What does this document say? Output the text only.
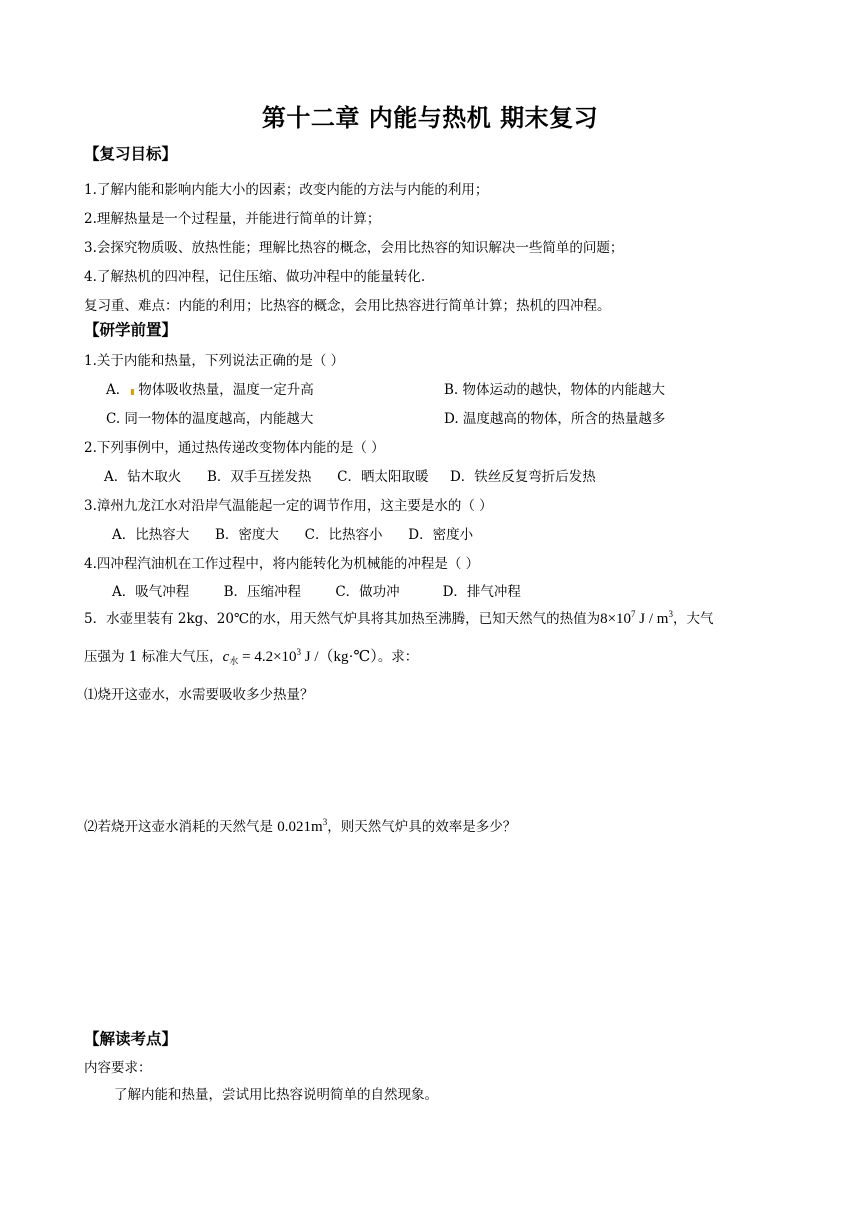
第十二章 内能与热机 期末复习
【复习目标】
1.了解内能和影响内能大小的因素；改变内能的方法与内能的利用；
2.理解热量是一个过程量，并能进行简单的计算；
3.会探究物质吸、放热性能；理解比热容的概念，会用比热容的知识解决一些简单的问题；
4.了解热机的四冲程，记住压缩、做功冲程中的能量转化.
复习重、难点：内能的利用；比热容的概念，会用比热容进行简单计算；热机的四冲程。
【研学前置】
1.关于内能和热量，下列说法正确的是（ ）
A． 物体吸收热量，温度一定升高	B. 物体运动的越快，物体的内能越大
C. 同一物体的温度越高，内能越大	D. 温度越高的物体，所含的热量越多
2.下列事例中，通过热传递改变物体内能的是（ ）
A．钻木取火      B．双手互搓发热      C．晒太阳取暖     D．铁丝反复弯折后发热
3.漳州九龙江水对沿岸气温能起一定的调节作用，这主要是水的（ ）
A．比热容大      B．密度大      C．比热容小      D．密度小
4.四冲程汽油机在工作过程中，将内能转化为机械能的冲程是（ ）
A．吸气冲程        B．压缩冲程        C．做功冲          D．排气冲程
5．水壶里装有 2kg、20℃的水，用天然气炉具将其加热至沸腾，已知天然气的热值为$8\times 10^7$ J / $m^3$，大气
压强为 1 标准大气压，$c_水 = 4.2\times 10^3$ J /（kg·℃）。求：
⑴烧开这壶水，水需要吸收多少热量？
⑵若烧开这壶水消耗的天然气是 $0.021m^3$，则天然气炉具的效率是多少？
【解读考点】
内容要求：
了解内能和热量，尝试用比热容说明简单的自然现象。
